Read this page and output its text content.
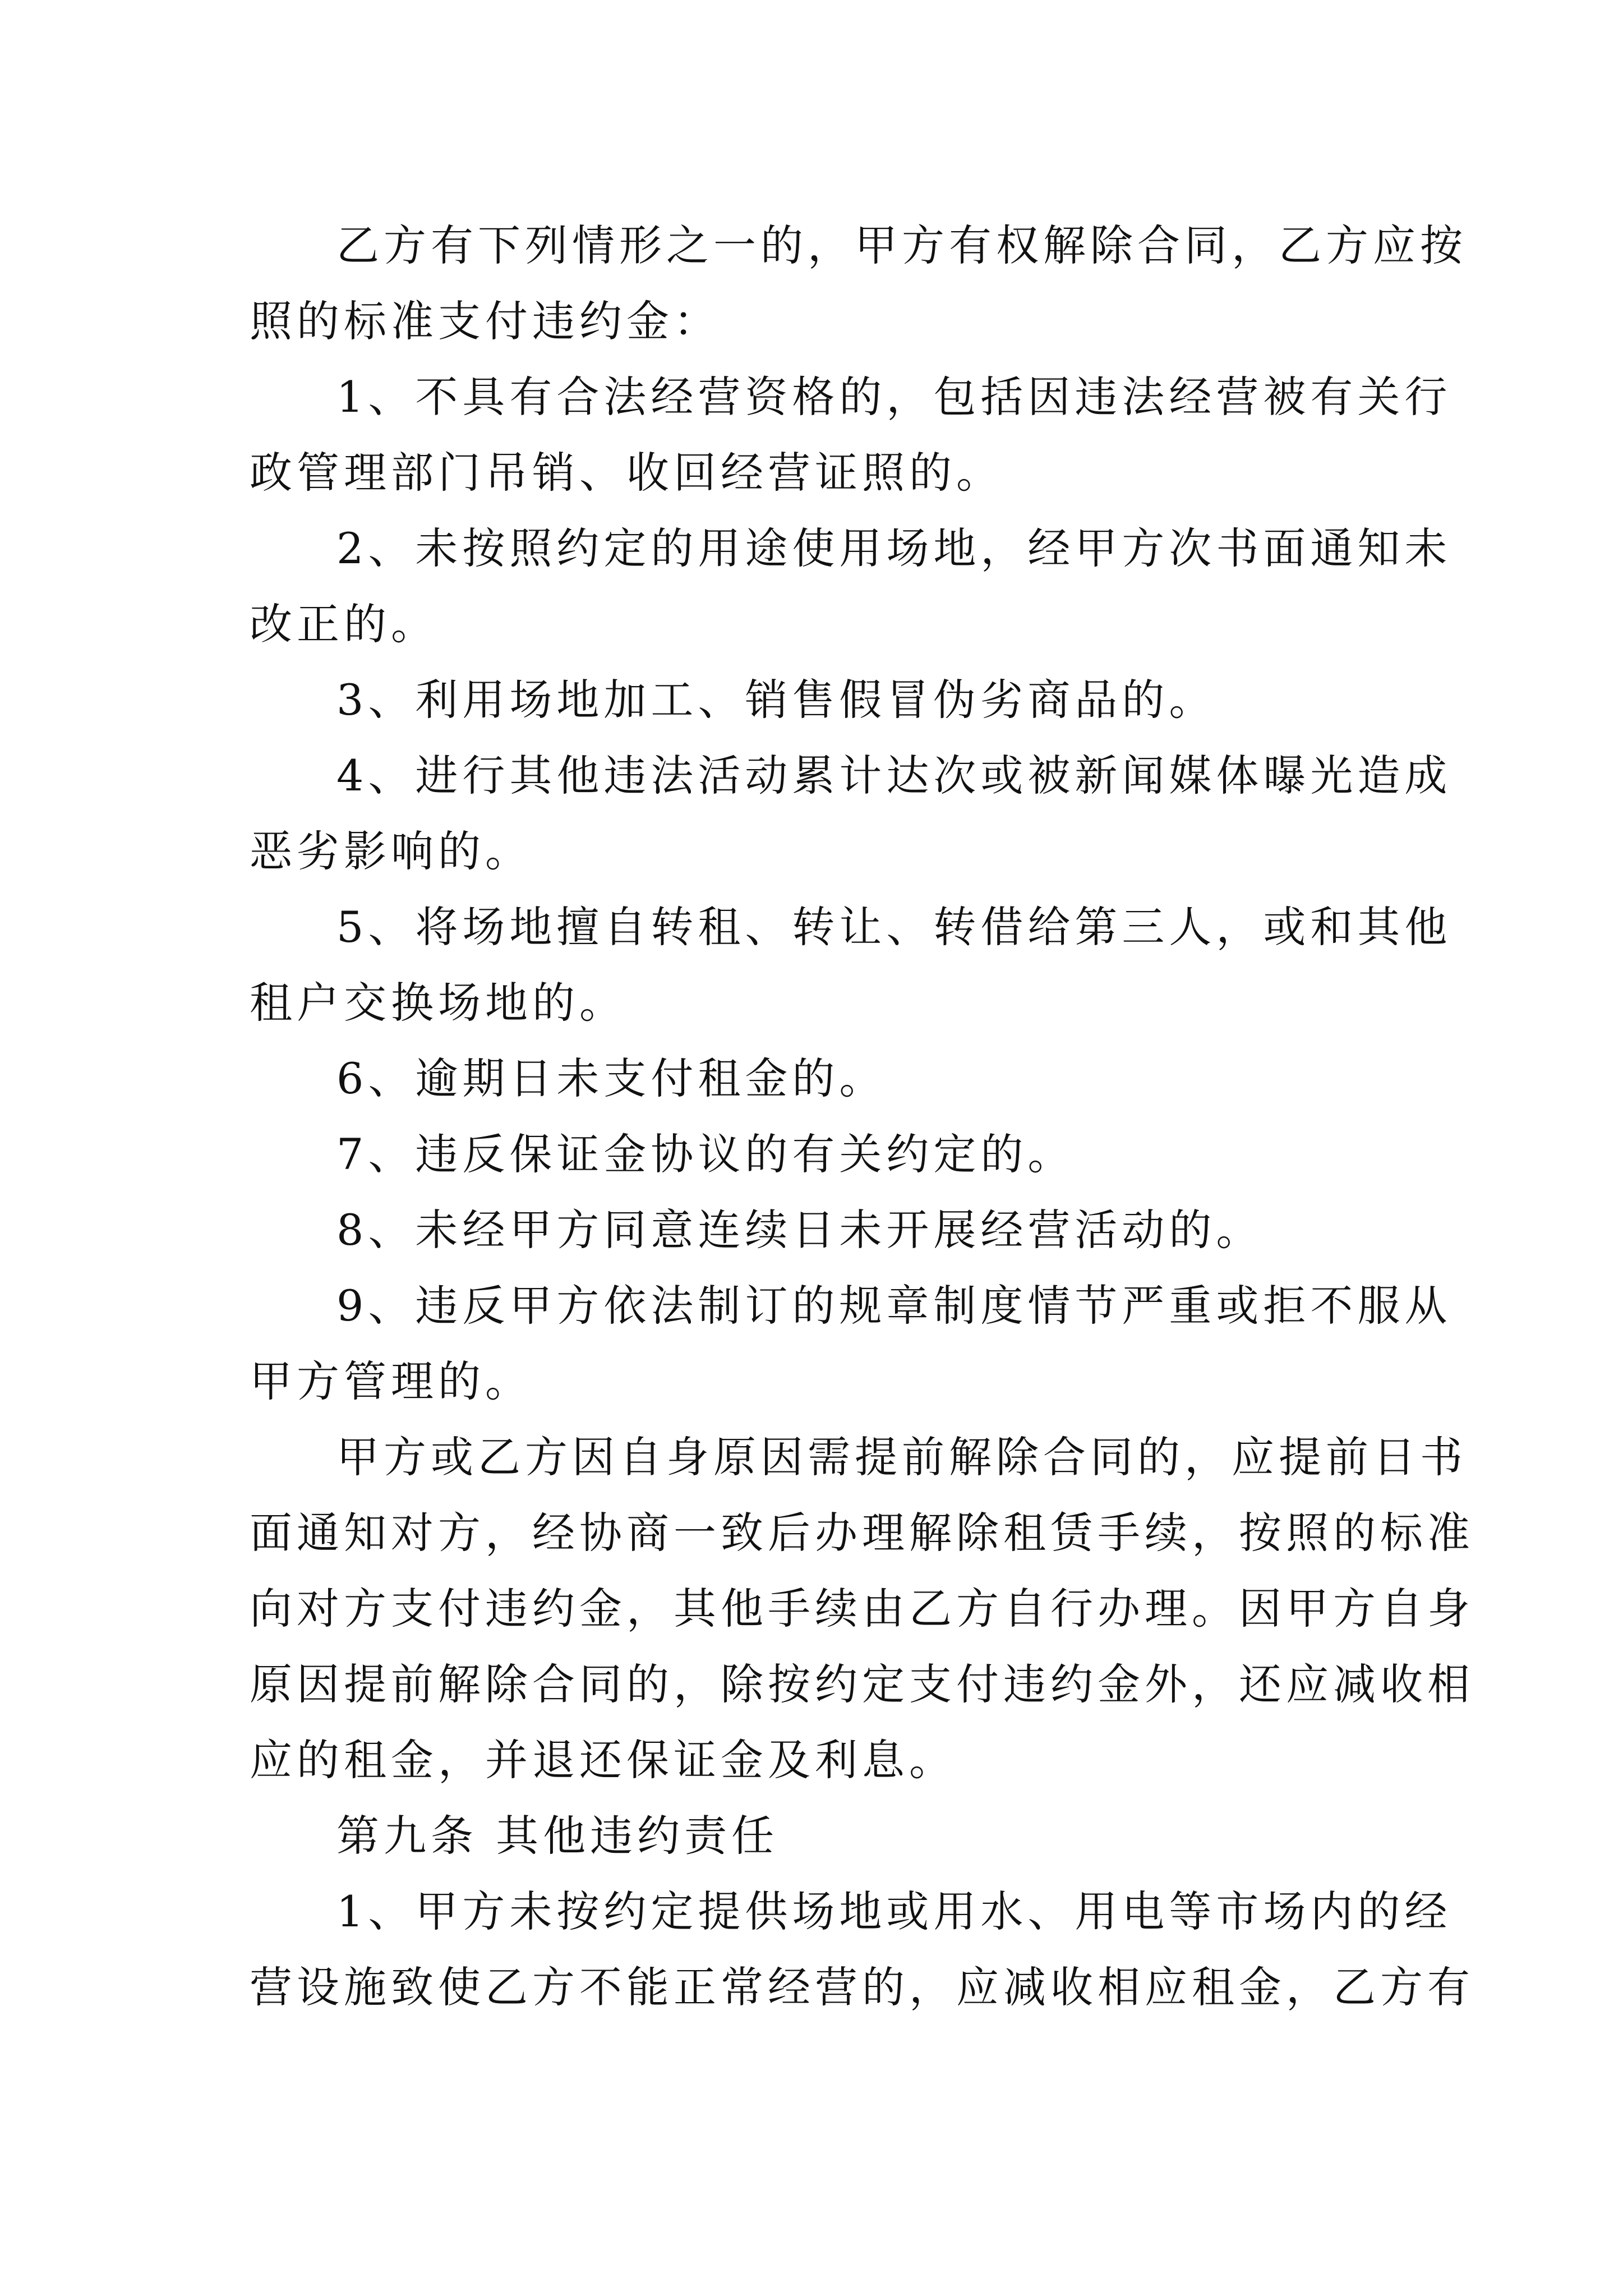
乙方有下列情形之一的，甲方有权解除合同，乙方应按
照的标准支付违约金：
1、不具有合法经营资格的，包括因违法经营被有关行
政管理部门吊销、收回经营证照的。
2、未按照约定的用途使用场地，经甲方次书面通知未
改正的。
3、利用场地加工、销售假冒伪劣商品的。
4、进行其他违法活动累计达次或被新闻媒体曝光造成
恶劣影响的。
5、将场地擅自转租、转让、转借给第三人，或和其他
租户交换场地的。
6、逾期日未支付租金的。
7、违反保证金协议的有关约定的。
8、未经甲方同意连续日未开展经营活动的。
9、违反甲方依法制订的规章制度情节严重或拒不服从
甲方管理的。
甲方或乙方因自身原因需提前解除合同的，应提前日书
面通知对方，经协商一致后办理解除租赁手续，按照的标准
向对方支付违约金，其他手续由乙方自行办理。因甲方自身
原因提前解除合同的，除按约定支付违约金外，还应减收相
应的租金，并退还保证金及利息。
第九条 其他违约责任
1、甲方未按约定提供场地或用水、用电等市场内的经
营设施致使乙方不能正常经营的，应减收相应租金，乙方有
